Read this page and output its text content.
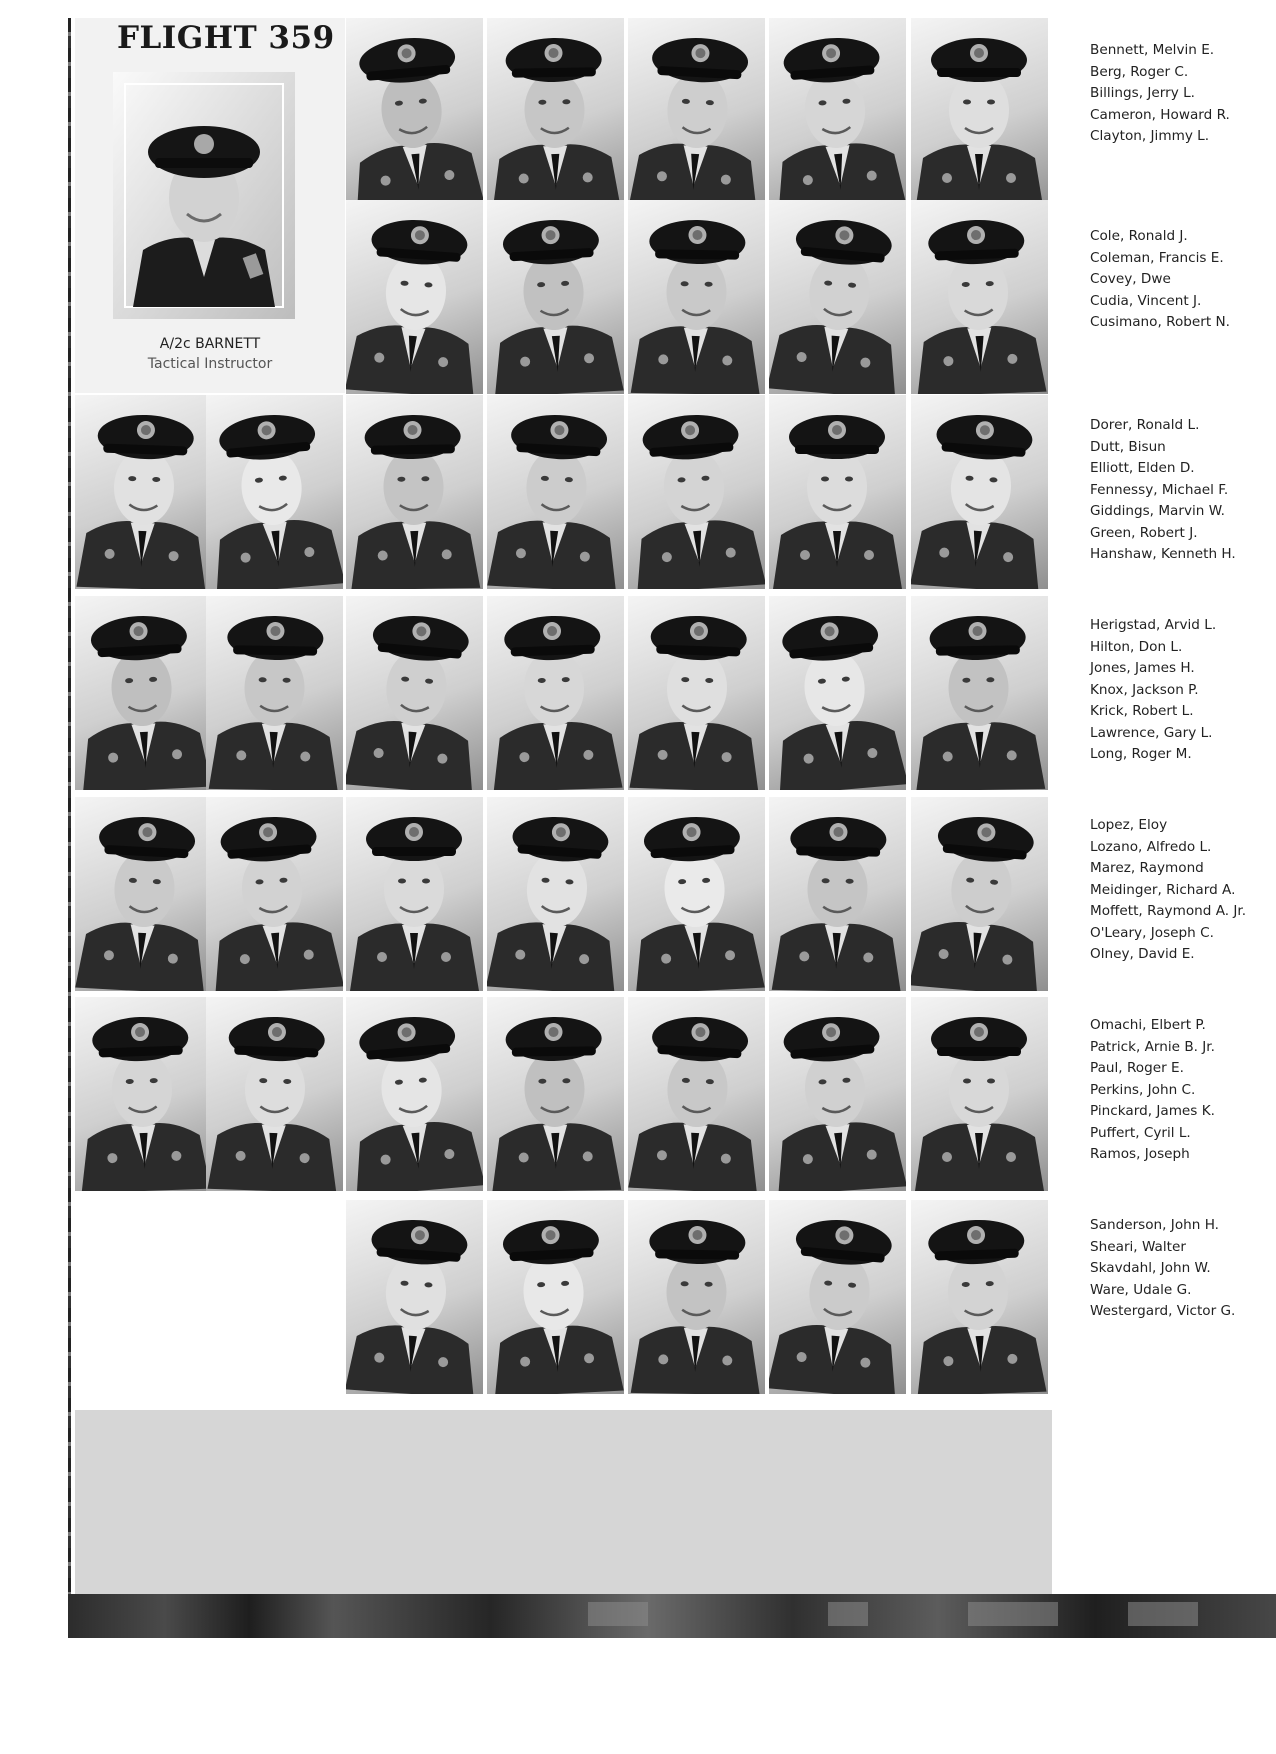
FLIGHT 359
A/2c BARNETT
Tactical Instructor
Bennett, Melvin E.
Berg, Roger C.
Billings, Jerry L.
Cameron, Howard R.
Clayton, Jimmy L.
Cole, Ronald J.
Coleman, Francis E.
Covey, Dwe
Cudia, Vincent J.
Cusimano, Robert N.
Dorer, Ronald L.
Dutt, Bisun
Elliott, Elden D.
Fennessy, Michael F.
Giddings, Marvin W.
Green, Robert J.
Hanshaw, Kenneth H.
Herigstad, Arvid L.
Hilton, Don L.
Jones, James H.
Knox, Jackson P.
Krick, Robert L.
Lawrence, Gary L.
Long, Roger M.
Lopez, Eloy
Lozano, Alfredo L.
Marez, Raymond
Meidinger, Richard A.
Moffett, Raymond A. Jr.
O'Leary, Joseph C.
Olney, David E.
Omachi, Elbert P.
Patrick, Arnie B. Jr.
Paul, Roger E.
Perkins, John C.
Pinckard, James K.
Puffert, Cyril L.
Ramos, Joseph
Sanderson, John H.
Sheari, Walter
Skavdahl, John W.
Ware, Udale G.
Westergard, Victor G.
